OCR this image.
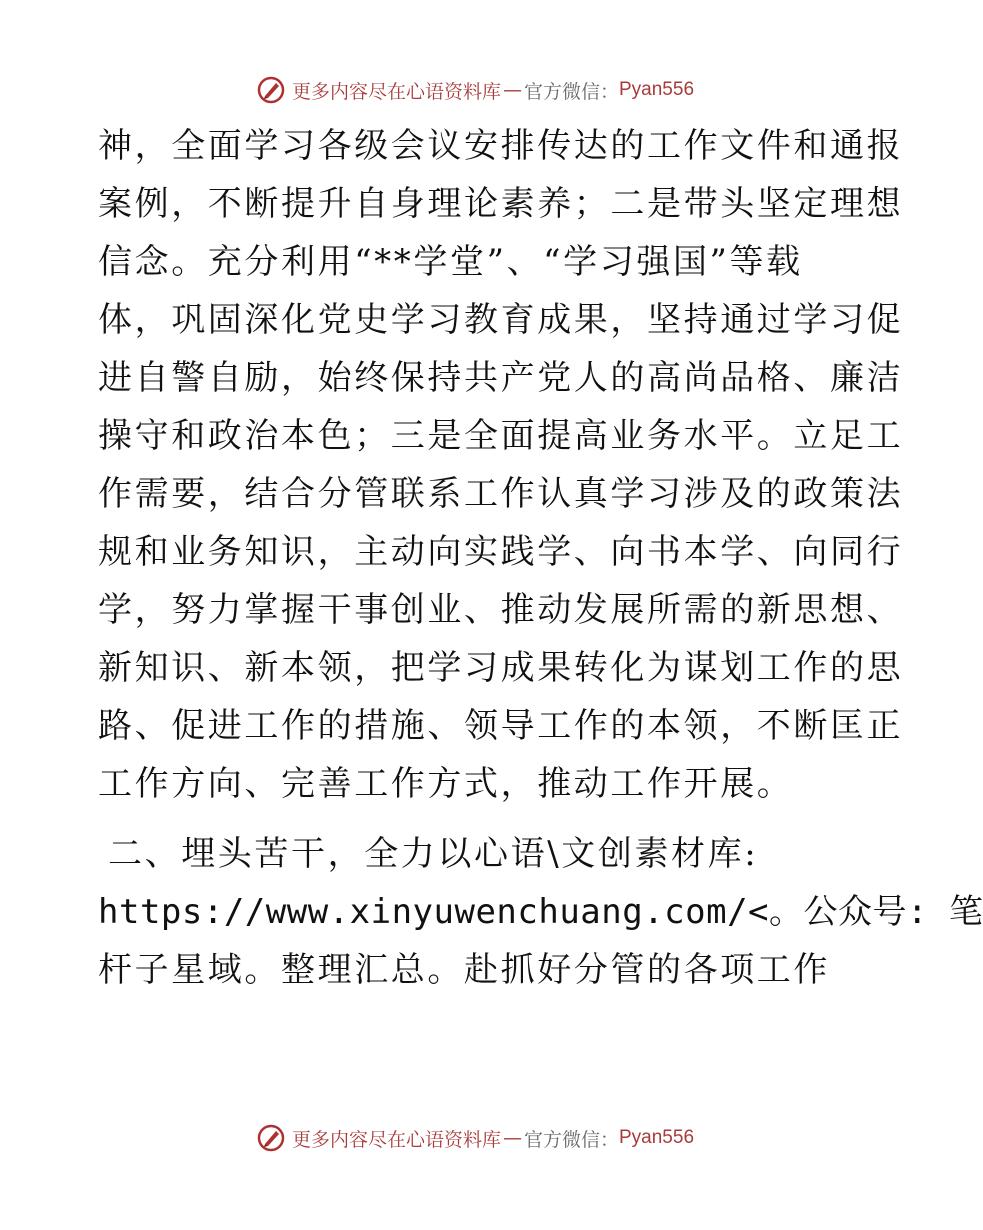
更多内容尽在心语资料库 — 官方微信： Pyan556
神，全面学习各级会议安排传达的工作文件和通报
案例，不断提升自身理论素养；二是带头坚定理想
信念。充分利用“**学堂”、“学习强国”等载
体，巩固深化党史学习教育成果，坚持通过学习促
进自警自励，始终保持共产党人的高尚品格、廉洁
操守和政治本色；三是全面提高业务水平。立足工
作需要，结合分管联系工作认真学习涉及的政策法
规和业务知识，主动向实践学、向书本学、向同行
学，努力掌握干事创业、推动发展所需的新思想、
新知识、新本领，把学习成果转化为谋划工作的思
路、促进工作的措施、领导工作的本领，不断匡正
工作方向、完善工作方式，推动工作开展。
二、埋头苦干，全力以心语\文创素材库:
https://www.xinyuwenchuang.com/<。公众号: 笔
杆子星域。整理汇总。赴抓好分管的各项工作
更多内容尽在心语资料库 — 官方微信： Pyan556
